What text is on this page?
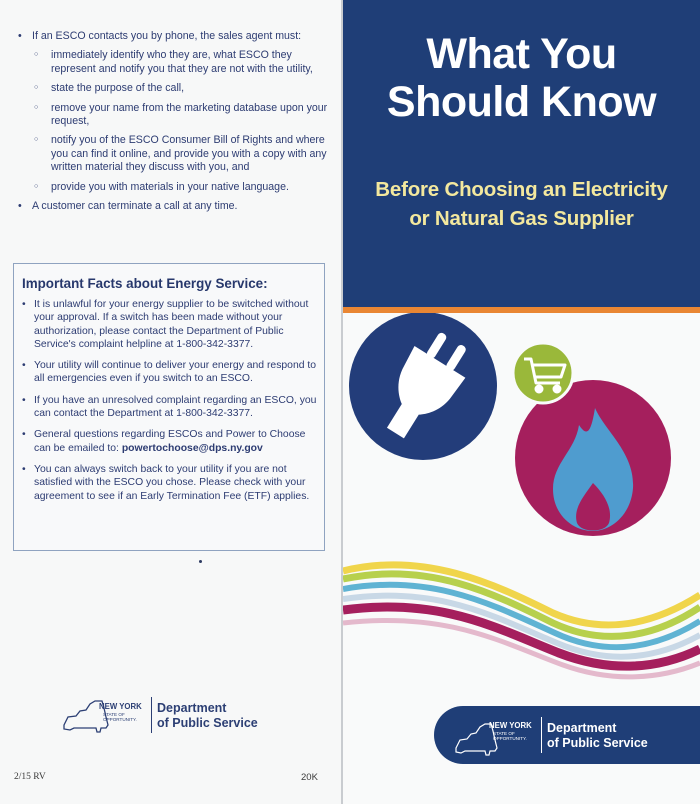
• If an ESCO contacts you by phone, the sales agent must:
○ immediately identify who they are, what ESCO they represent and notify you that they are not with the utility,
○ state the purpose of the call,
○ remove your name from the marketing database upon your request,
○ notify you of the ESCO Consumer Bill of Rights and where you can find it online, and provide you with a copy with any written material they discuss with you, and
○ provide you with materials in your native language.
• A customer can terminate a call at any time.
Important Facts about Energy Service:
• It is unlawful for your energy supplier to be switched without your approval. If a switch has been made without your authorization, please contact the Department of Public Service's complaint helpline at 1-800-342-3377.
• Your utility will continue to deliver your energy and respond to all emergencies even if you switch to an ESCO.
• If you have an unresolved complaint regarding an ESCO, you can contact the Department at 1-800-342-3377.
• General questions regarding ESCOs and Power to Choose can be emailed to: powertochoose@dps.ny.gov
• You can always switch back to your utility if you are not satisfied with the ESCO you chose. Please check with your agreement to see if an Early Termination Fee (ETF) applies.
NEW YORK
STATE OF
OPPORTUNITY.
Department
of Public Service
2/15 RV	20K
What You
Should Know

Before Choosing an Electricity
or Natural Gas Supplier

NEW YORK
STATE OF
OPPORTUNITY.
Department
of Public Service
